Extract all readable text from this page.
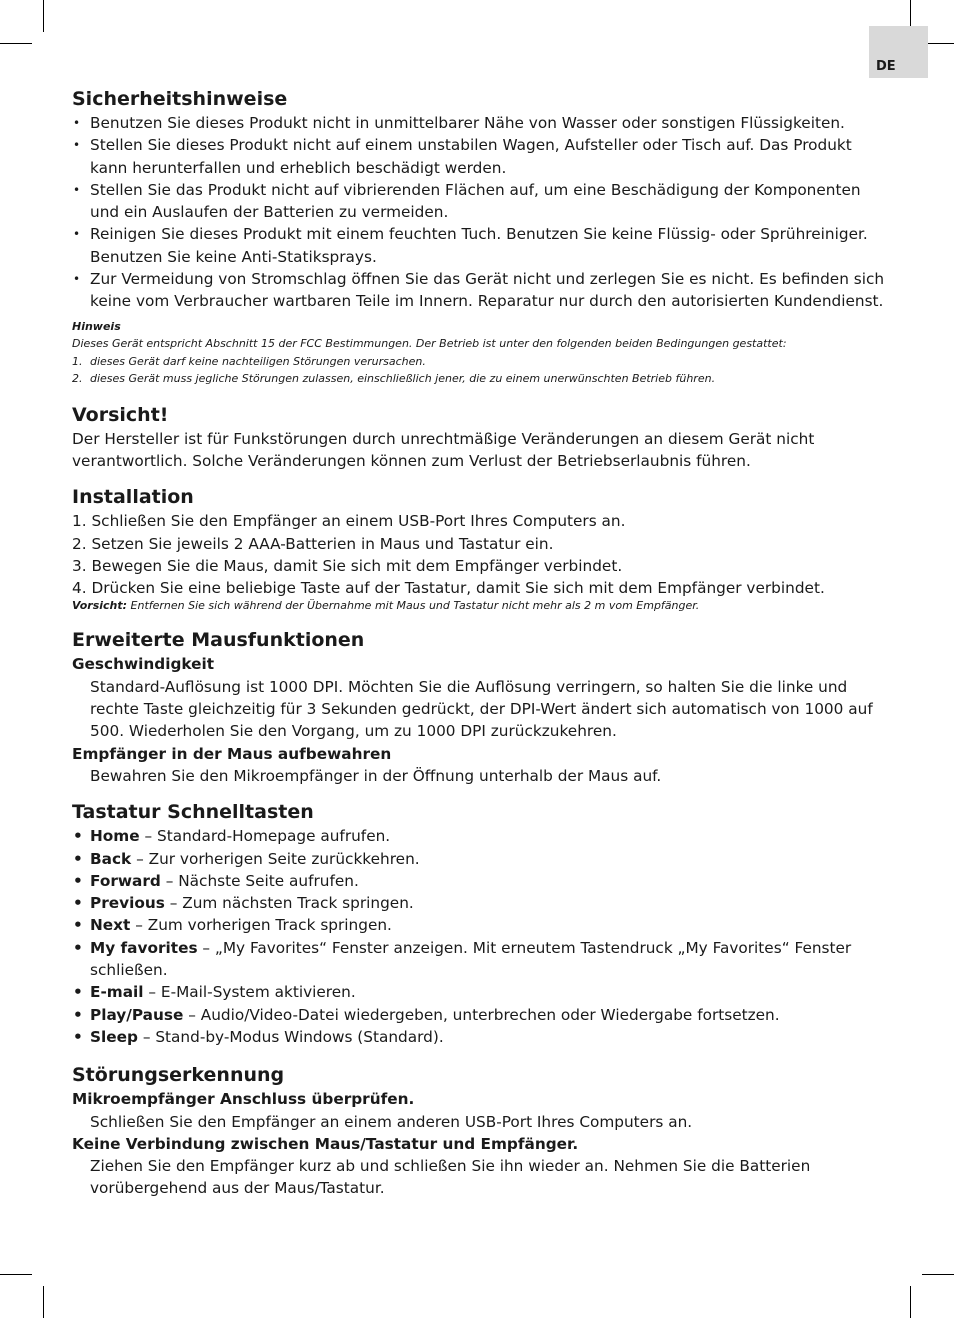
DE
Sicherheitshinweise
• Benutzen Sie dieses Produkt nicht in unmittelbarer Nähe von Wasser oder sonstigen Flüssigkeiten.
• Stellen Sie dieses Produkt nicht auf einem unstabilen Wagen, Aufsteller oder Tisch auf. Das Produkt kann herunterfallen und erheblich beschädigt werden.
• Stellen Sie das Produkt nicht auf vibrierenden Flächen auf, um eine Beschädigung der Komponenten und ein Auslaufen der Batterien zu vermeiden.
• Reinigen Sie dieses Produkt mit einem feuchten Tuch. Benutzen Sie keine Flüssig- oder Sprühreiniger. Benutzen Sie keine Anti-Statiksprays.
• Zur Vermeidung von Stromschlag öffnen Sie das Gerät nicht und zerlegen Sie es nicht. Es befinden sich keine vom Verbraucher wartbaren Teile im Innern. Reparatur nur durch den autorisierten Kundendienst.
Hinweis
Dieses Gerät entspricht Abschnitt 15 der FCC Bestimmungen. Der Betrieb ist unter den folgenden beiden Bedingungen gestattet:
1. dieses Gerät darf keine nachteiligen Störungen verursachen.
2. dieses Gerät muss jegliche Störungen zulassen, einschließlich jener, die zu einem unerwünschten Betrieb führen.
Vorsicht!

Der Hersteller ist für Funkstörungen durch unrechtmäßige Veränderungen an diesem Gerät nicht verantwortlich. Solche Veränderungen können zum Verlust der Betriebserlaubnis führen.

Installation
1. Schließen Sie den Empfänger an einem USB-Port Ihres Computers an.
2. Setzen Sie jeweils 2 AAA-Batterien in Maus und Tastatur ein.
3. Bewegen Sie die Maus, damit Sie sich mit dem Empfänger verbindet.
4. Drücken Sie eine beliebige Taste auf der Tastatur, damit Sie sich mit dem Empfänger verbindet.
Vorsicht: Entfernen Sie sich während der Übernahme mit Maus und Tastatur nicht mehr als 2 m vom Empfänger.
Erweiterte Mausfunktionen
Geschwindigkeit

Standard-Auflösung ist 1000 DPI. Möchten Sie die Auflösung verringern, so halten Sie die linke und rechte Taste gleichzeitig für 3 Sekunden gedrückt, der DPI-Wert ändert sich automatisch von 1000 auf 500. Wiederholen Sie den Vorgang, um zu 1000 DPI zurückzukehren.

Empfänger in der Maus aufbewahren

Bewahren Sie den Mikroempfänger in der Öffnung unterhalb der Maus auf.

Tastatur Schnelltasten
• Home – Standard-Homepage aufrufen.
• Back – Zur vorherigen Seite zurückkehren.
• Forward – Nächste Seite aufrufen.
• Previous – Zum nächsten Track springen.
• Next – Zum vorherigen Track springen.
• My favorites – „My Favorites“ Fenster anzeigen. Mit erneutem Tastendruck „My Favorites“ Fenster schließen.
• E-mail – E-Mail-System aktivieren.
• Play/Pause – Audio/Video-Datei wiedergeben, unterbrechen oder Wiedergabe fortsetzen.
• Sleep – Stand-by-Modus Windows (Standard).
Störungserkennung
Mikroempfänger Anschluss überprüfen.

Schließen Sie den Empfänger an einem anderen USB-Port Ihres Computers an.

Keine Verbindung zwischen Maus/Tastatur und Empfänger.

Ziehen Sie den Empfänger kurz ab und schließen Sie ihn wieder an. Nehmen Sie die Batterien vorübergehend aus der Maus/Tastatur.
